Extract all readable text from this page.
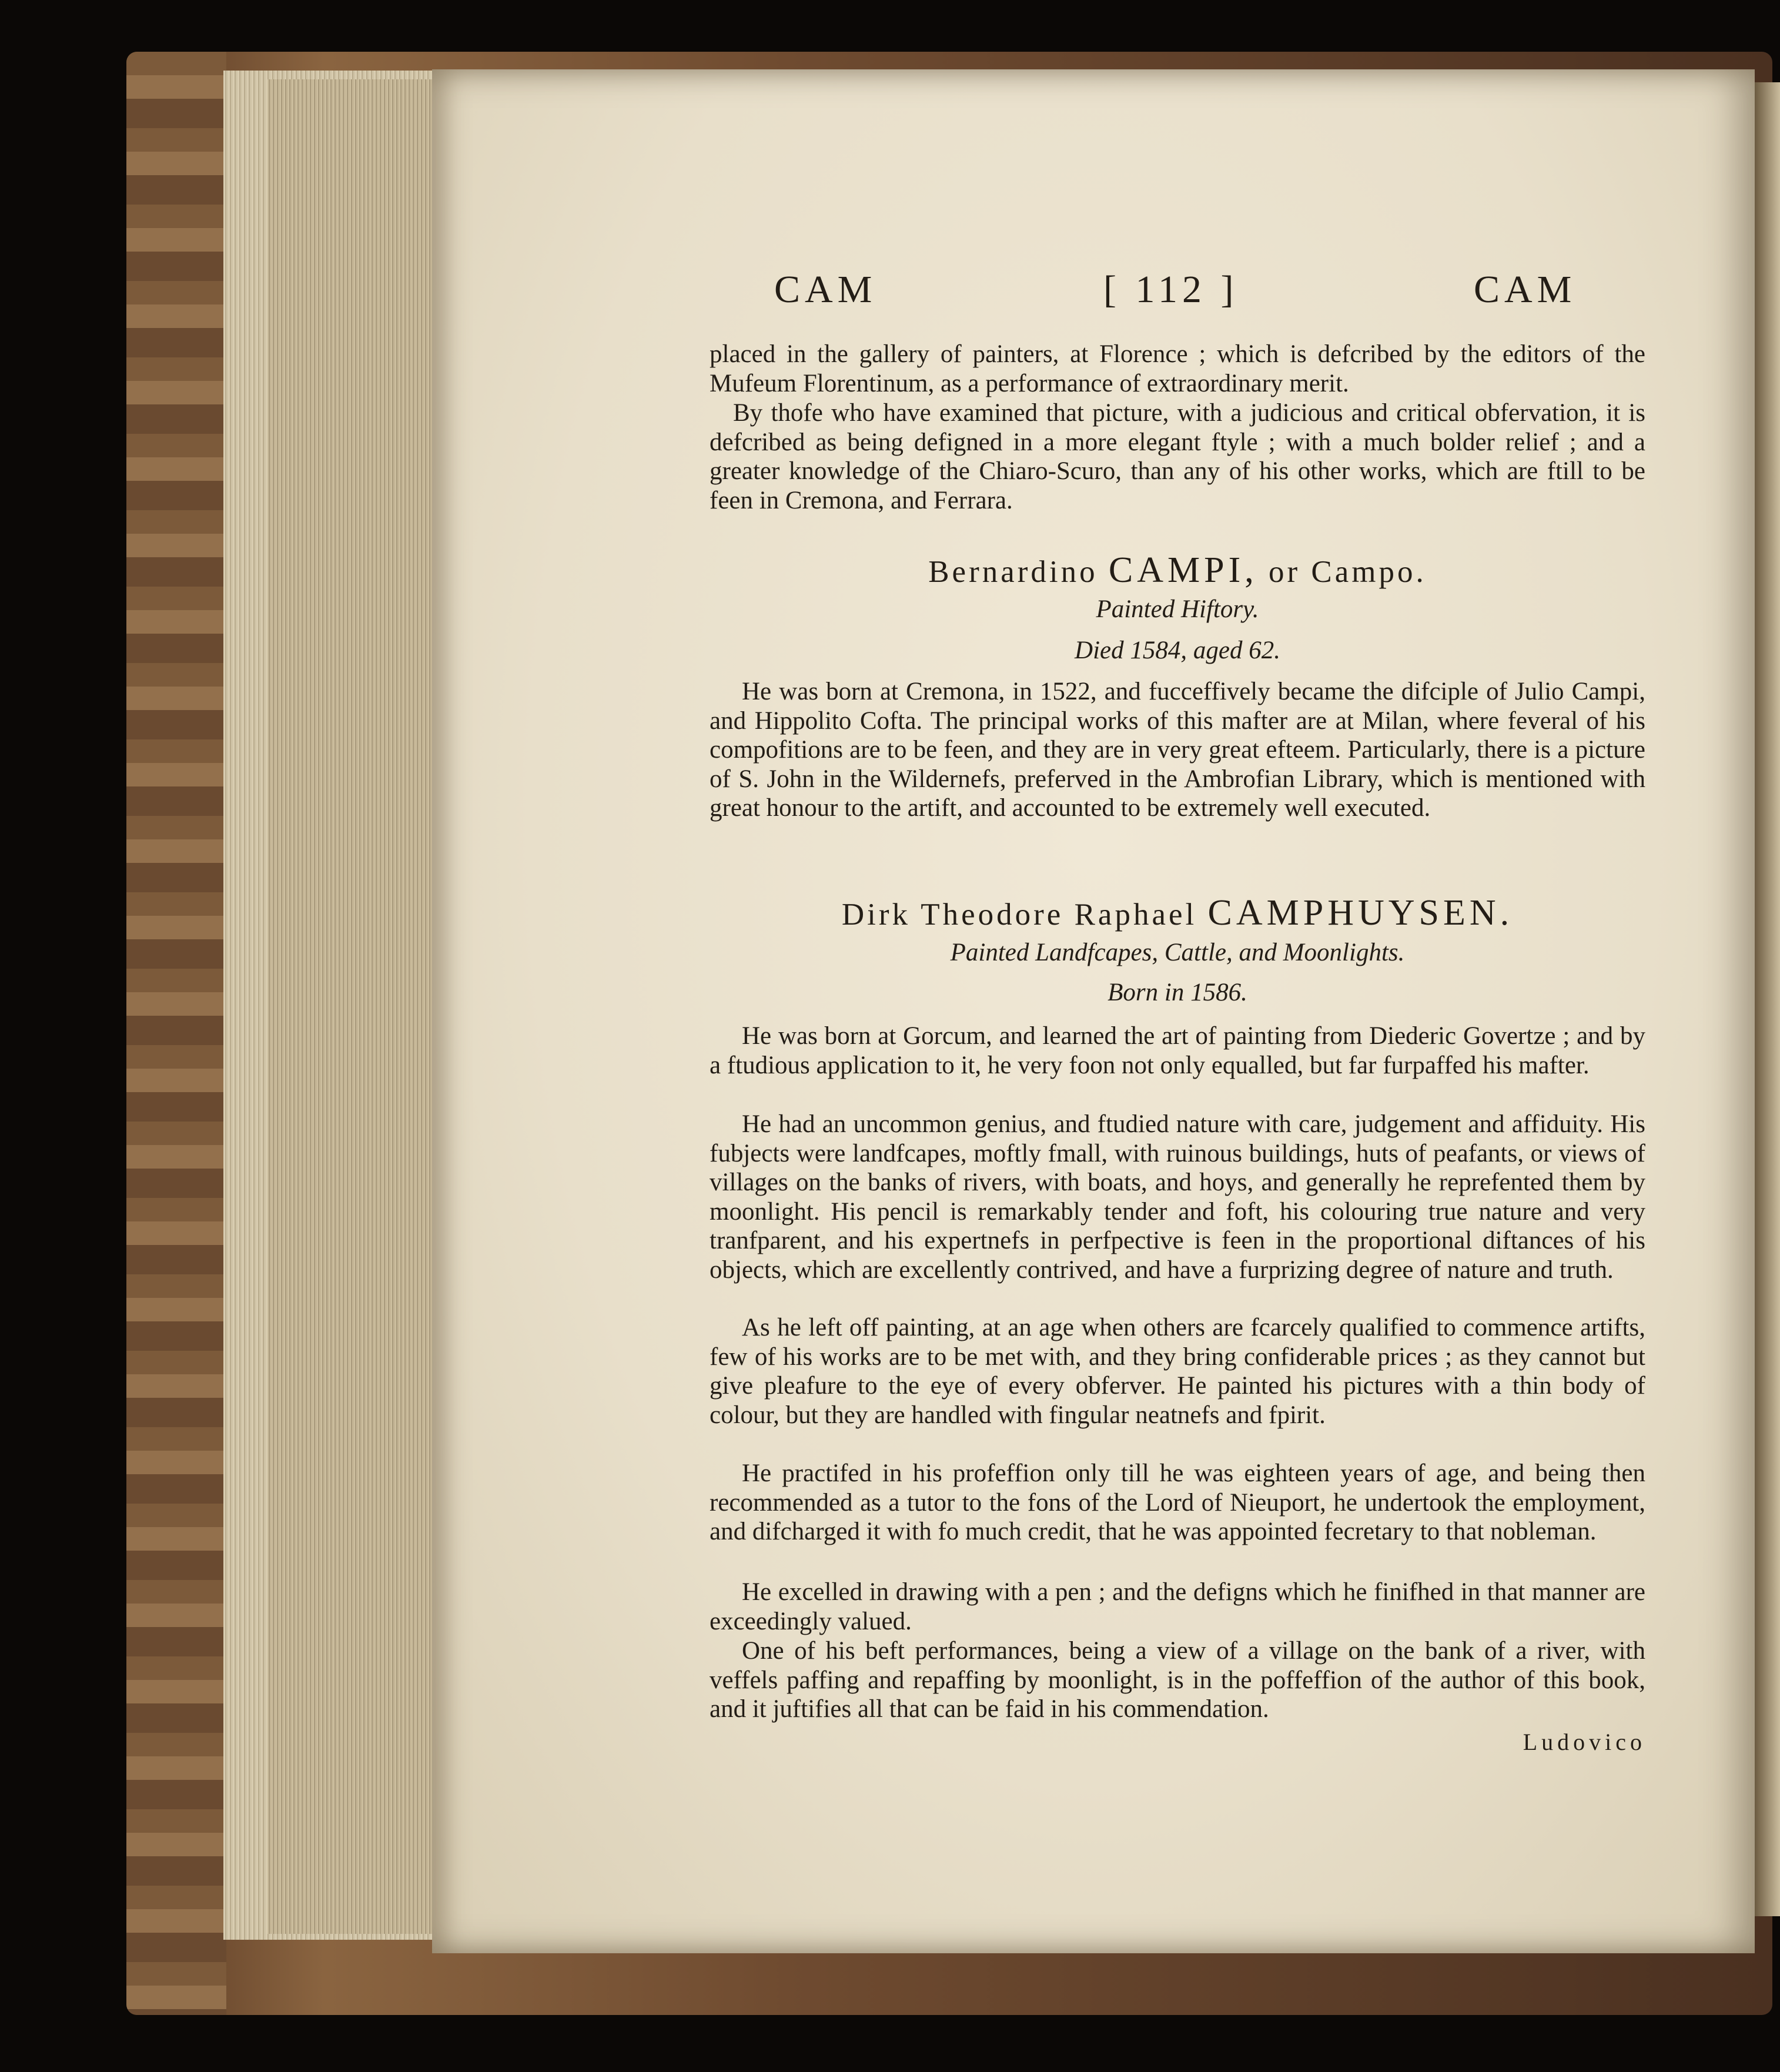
CAM	[ 112 ]	CAM

placed in the gallery of painters, at Florence ; which is defcribed by the editors of the Mufeum Florentinum, as a performance of extraordinary merit.

By thofe who have examined that picture, with a judicious and critical obfervation, it is defcribed as being defigned in a more elegant ftyle ; with a much bolder relief ; and a greater knowledge of the Chiaro-Scuro, than any of his other works, which are ftill to be feen in Cremona, and Ferrara.

Bernardino CAMPI, or Campo.
Painted Hiftory.
Died 1584, aged 62.

He was born at Cremona, in 1522, and fucceffively became the difciple of Julio Campi, and Hippolito Cofta. The principal works of this mafter are at Milan, where feveral of his compofitions are to be feen, and they are in very great efteem. Particularly, there is a picture of S. John in the Wildernefs, preferved in the Ambrofian Library, which is mentioned with great honour to the artift, and accounted to be extremely well executed.

Dirk Theodore Raphael CAMPHUYSEN.
Painted Landfcapes, Cattle, and Moonlights.
Born in 1586.

He was born at Gorcum, and learned the art of painting from Diederic Govertze ; and by a ftudious application to it, he very foon not only equalled, but far furpaffed his mafter.

He had an uncommon genius, and ftudied nature with care, judgement and affiduity. His fubjects were landfcapes, moftly fmall, with ruinous buildings, huts of peafants, or views of villages on the banks of rivers, with boats, and hoys, and generally he reprefented them by moonlight. His pencil is remarkably tender and foft, his colouring true nature and very tranfparent, and his expertnefs in perfpective is feen in the proportional diftances of his objects, which are excellently contrived, and have a furprizing degree of nature and truth.

As he left off painting, at an age when others are fcarcely qualified to commence artifts, few of his works are to be met with, and they bring confiderable prices ; as they cannot but give pleafure to the eye of every obferver. He painted his pictures with a thin body of colour, but they are handled with fingular neatnefs and fpirit.

He practifed in his profeffion only till he was eighteen years of age, and being then recommended as a tutor to the fons of the Lord of Nieuport, he undertook the employment, and difcharged it with fo much credit, that he was appointed fecretary to that nobleman.

He excelled in drawing with a pen ; and the defigns which he finifhed in that manner are exceedingly valued.

One of his beft performances, being a view of a village on the bank of a river, with veffels paffing and repaffing by moonlight, is in the poffeffion of the author of this book, and it juftifies all that can be faid in his commendation.

Ludovico
